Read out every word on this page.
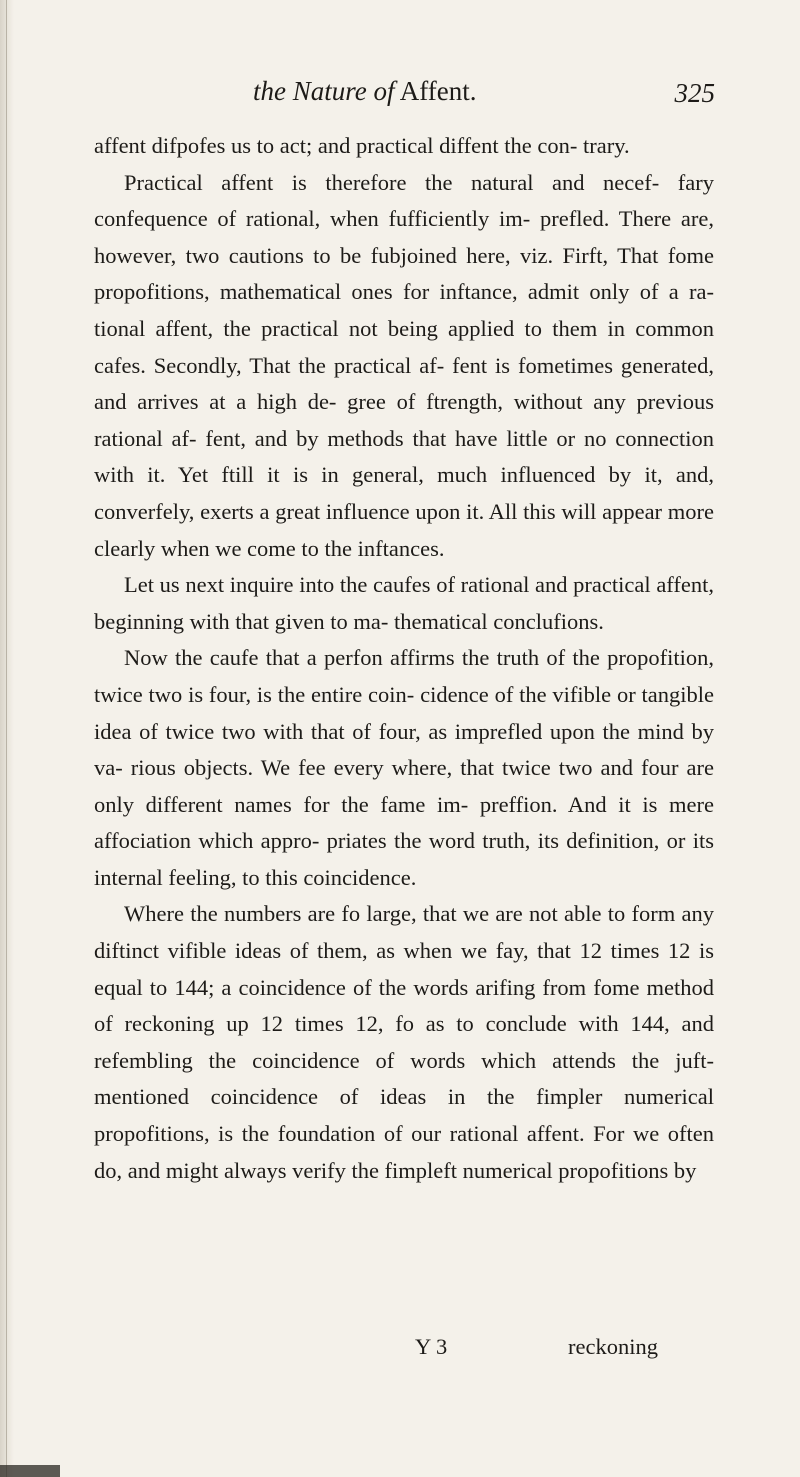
the Nature of Affent.	325

affent difpofes us to act; and practical diffent the con- trary.

Practical affent is therefore the natural and necef- fary confequence of rational, when fufficiently im- prefled. There are, however, two cautions to be fubjoined here, viz. Firft, That fome propofitions, mathematical ones for inftance, admit only of a ra- tional affent, the practical not being applied to them in common cafes. Secondly, That the practical af- fent is fometimes generated, and arrives at a high de- gree of ftrength, without any previous rational af- fent, and by methods that have little or no connection with it. Yet ftill it is in general, much influenced by it, and, converfely, exerts a great influence upon it. All this will appear more clearly when we come to the inftances.

Let us next inquire into the caufes of rational and practical affent, beginning with that given to ma- thematical conclufions.

Now the caufe that a perfon affirms the truth of the propofition, twice two is four, is the entire coin- cidence of the vifible or tangible idea of twice two with that of four, as imprefled upon the mind by va- rious objects. We fee every where, that twice two and four are only different names for the fame im- preffion. And it is mere affociation which appro- priates the word truth, its definition, or its internal feeling, to this coincidence.

Where the numbers are fo large, that we are not able to form any diftinct vifible ideas of them, as when we fay, that 12 times 12 is equal to 144; a coincidence of the words arifing from fome method of reckoning up 12 times 12, fo as to conclude with 144, and refembling the coincidence of words which attends the juft-mentioned coincidence of ideas in the fimpler numerical propofitions, is the foundation of our rational affent. For we often do, and might always verify the fimpleft numerical propofitions by

Y 3	reckoning
